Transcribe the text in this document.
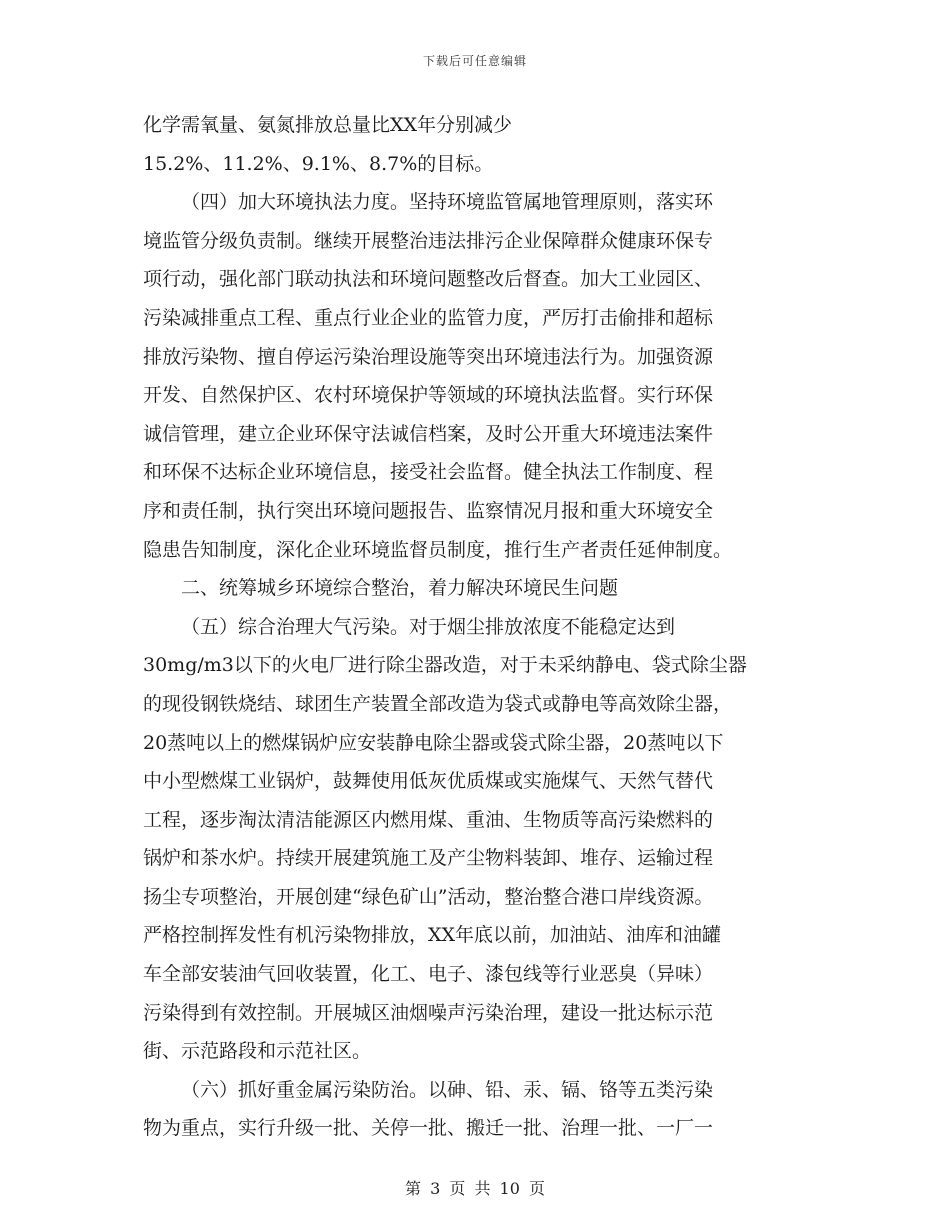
下载后可任意编辑
化学需氧量、氨氮排放总量比XX年分别减少
15.2%、11.2%、9.1%、8.7%的目标。
（四）加大环境执法力度。坚持环境监管属地管理原则，落实环
境监管分级负责制。继续开展整治违法排污企业保障群众健康环保专
项行动，强化部门联动执法和环境问题整改后督查。加大工业园区、
污染减排重点工程、重点行业企业的监管力度，严厉打击偷排和超标
排放污染物、擅自停运污染治理设施等突出环境违法行为。加强资源
开发、自然保护区、农村环境保护等领域的环境执法监督。实行环保
诚信管理，建立企业环保守法诚信档案，及时公开重大环境违法案件
和环保不达标企业环境信息，接受社会监督。健全执法工作制度、程
序和责任制，执行突出环境问题报告、监察情况月报和重大环境安全
隐患告知制度，深化企业环境监督员制度，推行生产者责任延伸制度。
二、统筹城乡环境综合整治，着力解决环境民生问题
（五）综合治理大气污染。对于烟尘排放浓度不能稳定达到
30mg/m3以下的火电厂进行除尘器改造，对于未采纳静电、袋式除尘器
的现役钢铁烧结、球团生产装置全部改造为袋式或静电等高效除尘器，
20蒸吨以上的燃煤锅炉应安装静电除尘器或袋式除尘器，20蒸吨以下
中小型燃煤工业锅炉，鼓舞使用低灰优质煤或实施煤气、天然气替代
工程，逐步淘汰清洁能源区内燃用煤、重油、生物质等高污染燃料的
锅炉和茶水炉。持续开展建筑施工及产尘物料装卸、堆存、运输过程
扬尘专项整治，开展创建“绿色矿山”活动，整治整合港口岸线资源。
严格控制挥发性有机污染物排放，XX年底以前，加油站、油库和油罐
车全部安装油气回收装置，化工、电子、漆包线等行业恶臭（异味）
污染得到有效控制。开展城区油烟噪声污染治理，建设一批达标示范
街、示范路段和示范社区。
（六）抓好重金属污染防治。以砷、铅、汞、镉、铬等五类污染
物为重点，实行升级一批、关停一批、搬迁一批、治理一批、一厂一
第 3 页 共 10 页
